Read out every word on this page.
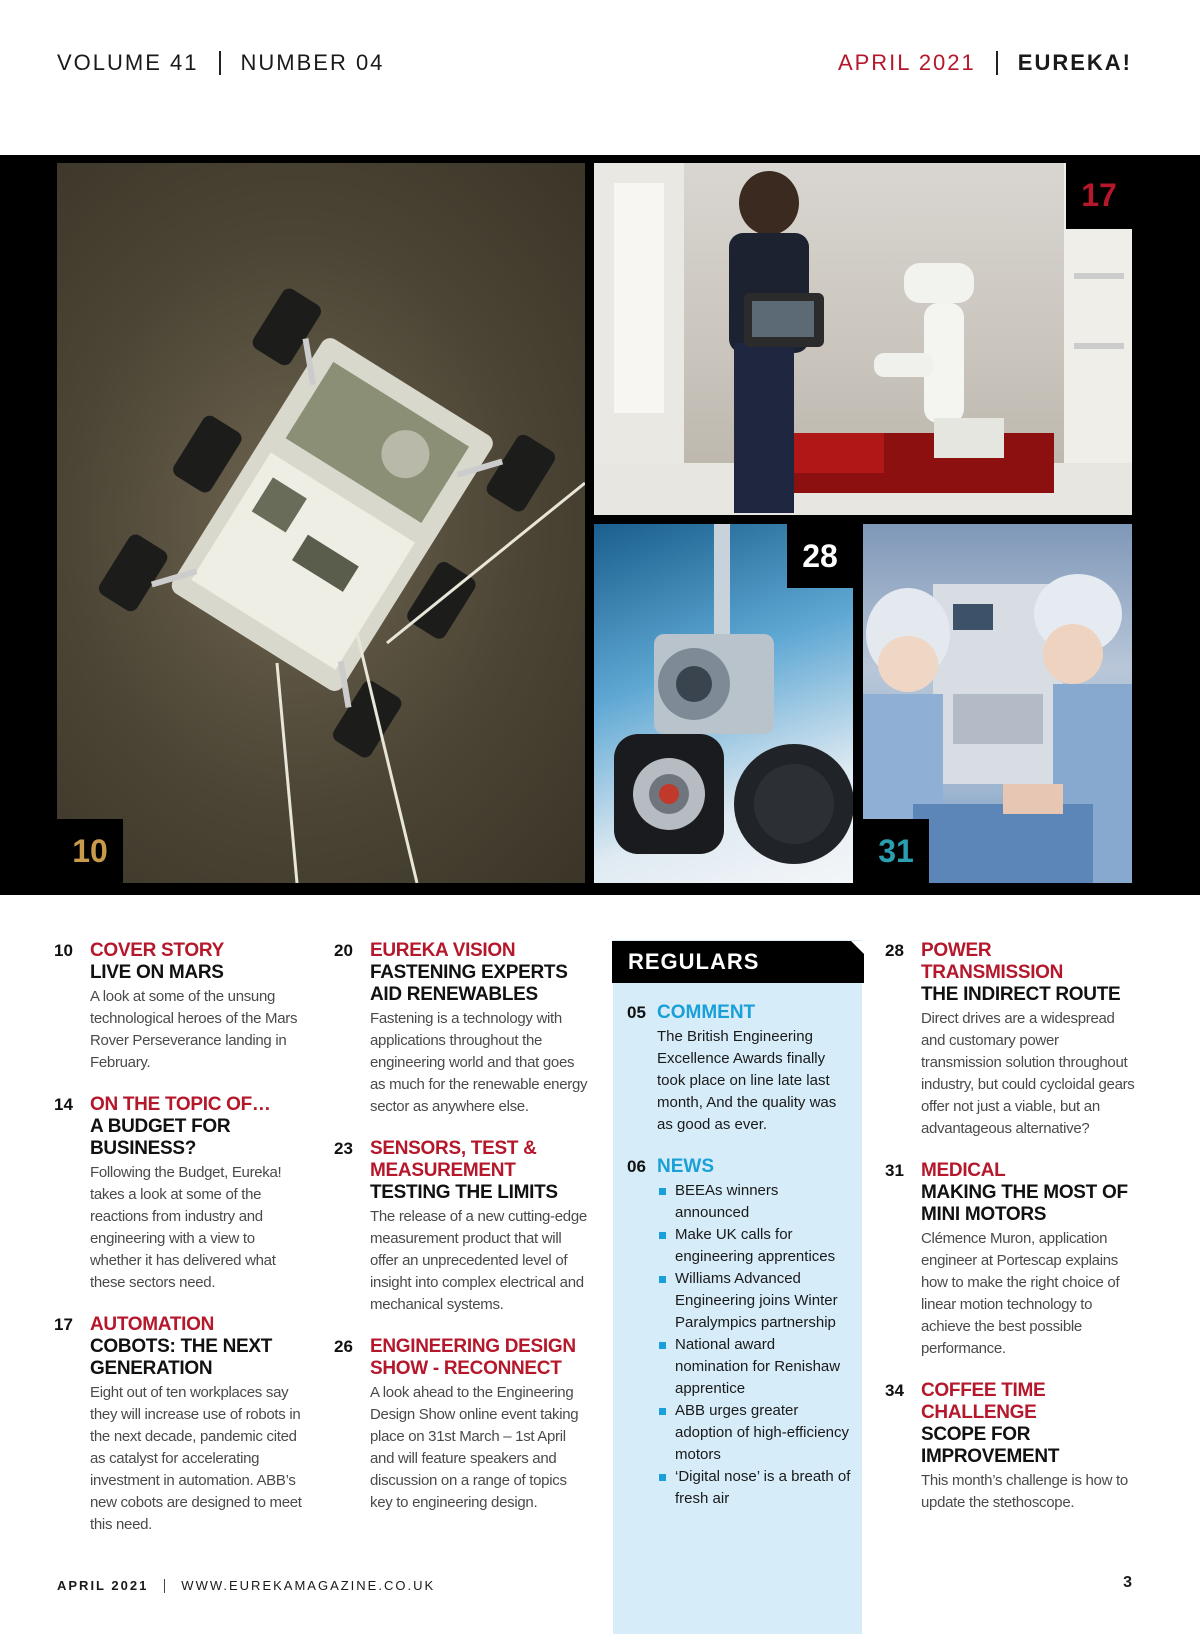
VOLUME 41 NUMBER 04	APRIL 2021 EUREKA!
10
17
28
31
10 COVER STORY
LIVE ON MARS
A look at some of the unsung technological heroes of the Mars Rover Perseverance landing in February.
14 ON THE TOPIC OF…
A BUDGET FOR BUSINESS?
Following the Budget, Eureka! takes a look at some of the reactions from industry and engineering with a view to whether it has delivered what these sectors need.
17 AUTOMATION
COBOTS: THE NEXT GENERATION
Eight out of ten workplaces say they will increase use of robots in the next decade, pandemic cited as catalyst for accelerating investment in automation. ABB’s new cobots are designed to meet this need.
20 EUREKA VISION
FASTENING EXPERTS AID RENEWABLES
Fastening is a technology with applications throughout the engineering world and that goes as much for the renewable energy sector as anywhere else.
23 SENSORS, TEST & MEASUREMENT
TESTING THE LIMITS
The release of a new cutting-edge measurement product that will offer an unprecedented level of insight into complex electrical and mechanical systems.
26 ENGINEERING DESIGN SHOW - RECONNECT
A look ahead to the Engineering Design Show online event taking place on 31st March – 1st April and will feature speakers and discussion on a range of topics key to engineering design.
REGULARS
05 COMMENT
The British Engineering Excellence Awards finally took place on line late last month, And the quality was as good as ever.
06 NEWS
BEEAs winners announced
Make UK calls for engineering apprentices
Williams Advanced Engineering joins Winter Paralympics partnership
National award nomination for Renishaw apprentice
ABB urges greater adoption of high-efficiency motors
‘Digital nose’ is a breath of fresh air
28 POWER TRANSMISSION
THE INDIRECT ROUTE
Direct drives are a widespread and customary power transmission solution throughout industry, but could cycloidal gears offer not just a viable, but an advantageous alternative?
31 MEDICAL
MAKING THE MOST OF MINI MOTORS
Clémence Muron, application engineer at Portescap explains how to make the right choice of linear motion technology to achieve the best possible performance.
34 COFFEE TIME CHALLENGE
SCOPE FOR IMPROVEMENT
This month’s challenge is how to update the stethoscope.
APRIL 2021	WWW.EUREKAMAGAZINE.CO.UK	3
